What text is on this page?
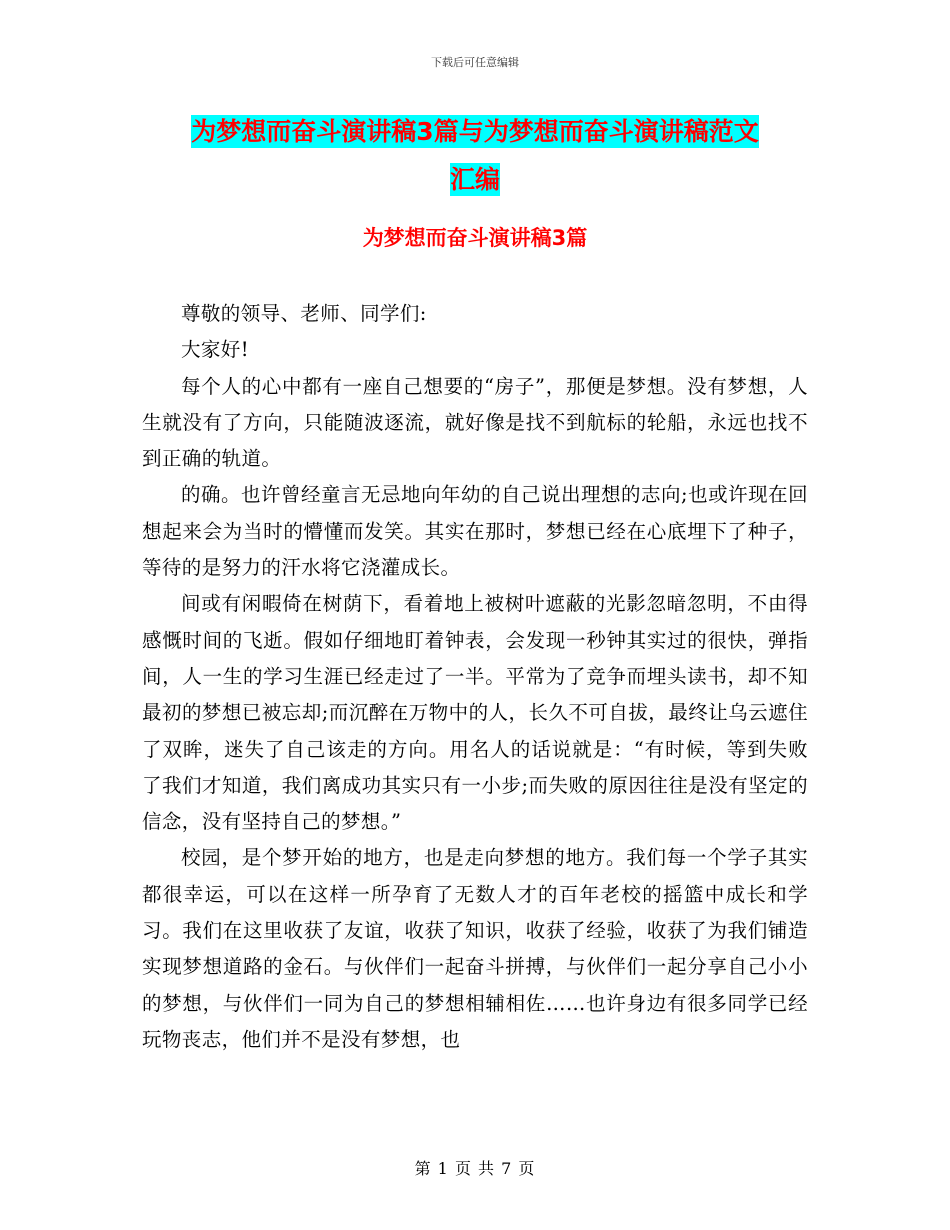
下载后可任意编辑
为梦想而奋斗演讲稿3篇与为梦想而奋斗演讲稿范文
汇编
为梦想而奋斗演讲稿3篇

尊敬的领导、老师、同学们:

大家好!

每个人的心中都有一座自己想要的“房子”，那便是梦想。没有梦想，人生就没有了方向，只能随波逐流，就好像是找不到航标的轮船，永远也找不到正确的轨道。

的确。也许曾经童言无忌地向年幼的自己说出理想的志向;也或许现在回想起来会为当时的懵懂而发笑。其实在那时，梦想已经在心底埋下了种子，等待的是努力的汗水将它浇灌成长。

间或有闲暇倚在树荫下，看着地上被树叶遮蔽的光影忽暗忽明，不由得感慨时间的飞逝。假如仔细地盯着钟表，会发现一秒钟其实过的很快，弹指间，人一生的学习生涯已经走过了一半。平常为了竞争而埋头读书，却不知最初的梦想已被忘却;而沉醉在万物中的人，长久不可自拔，最终让乌云遮住了双眸，迷失了自己该走的方向。用名人的话说就是：“有时候，等到失败了我们才知道，我们离成功其实只有一小步;而失败的原因往往是没有坚定的信念，没有坚持自己的梦想。”

校园，是个梦开始的地方，也是走向梦想的地方。我们每一个学子其实都很幸运，可以在这样一所孕育了无数人才的百年老校的摇篮中成长和学习。我们在这里收获了友谊，收获了知识，收获了经验，收获了为我们铺造实现梦想道路的金石。与伙伴们一起奋斗拼搏，与伙伴们一起分享自己小小的梦想，与伙伴们一同为自己的梦想相辅相佐……也许身边有很多同学已经玩物丧志，他们并不是没有梦想，也

第 1 页 共 7 页
